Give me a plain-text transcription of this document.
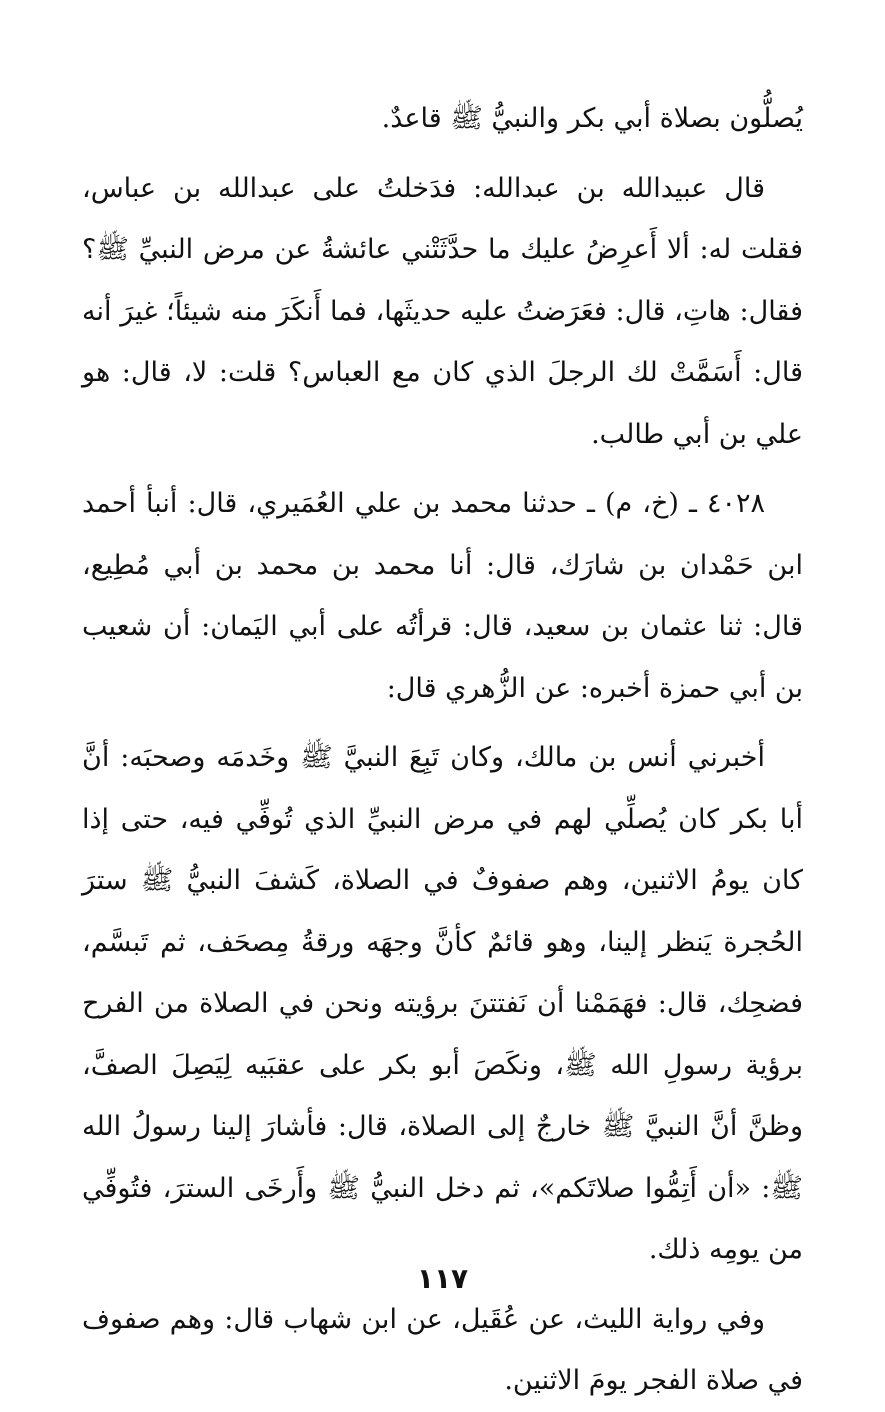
يُصلُّون بصلاة أبي بكر والنبيُّ ﷺ قاعدٌ.

قال عبيدالله بن عبدالله: فدَخلتُ على عبدالله بن عباس، فقلت له: ألا أَعرِضُ عليك ما حدَّثَتْني عائشةُ عن مرض النبيِّ ﷺ؟ فقال: هاتِ، قال: فعَرَضتُ عليه حديثَها، فما أَنكَرَ منه شيئاً؛ غيرَ أنه قال: أَسَمَّتْ لك الرجلَ الذي كان مع العباس؟ قلت: لا، قال: هو علي بن أبي طالب.

٤٠٢٨ ـ (خ، م) ـ حدثنا محمد بن علي العُمَيري، قال: أنبأ أحمد ابن حَمْدان بن شارَك، قال: أنا محمد بن محمد بن أبي مُطِيع، قال: ثنا عثمان بن سعيد، قال: قرأتُه على أبي اليَمان: أن شعيب بن أبي حمزة أخبره: عن الزُّهري قال:

أخبرني أنس بن مالك، وكان تَبِعَ النبيَّ ﷺ وخَدمَه وصحبَه: أنَّ أبا بكر كان يُصلِّي لهم في مرض النبيِّ الذي تُوفِّي فيه، حتى إذا كان يومُ الاثنين، وهم صفوفٌ في الصلاة، كَشفَ النبيُّ ﷺ سترَ الحُجرة يَنظر إلينا، وهو قائمٌ كأنَّ وجهَه ورقةُ مِصحَف، ثم تَبسَّم، فضحِك، قال: فهَمَمْنا أن نَفتتنَ برؤيته ونحن في الصلاة من الفرح برؤية رسولِ الله ﷺ، ونكَصَ أبو بكر على عقبَيه لِيَصِلَ الصفَّ، وظنَّ أنَّ النبيَّ ﷺ خارجٌ إلى الصلاة، قال: فأشارَ إلينا رسولُ الله ﷺ: «أن أَتِمُّوا صلاتَكم»، ثم دخل النبيُّ ﷺ وأَرخَى السترَ، فتُوفِّي من يومِه ذلك.

وفي رواية الليث، عن عُقَيل، عن ابن شهاب قال: وهم صفوف في صلاة الفجر يومَ الاثنين.

١١٧
